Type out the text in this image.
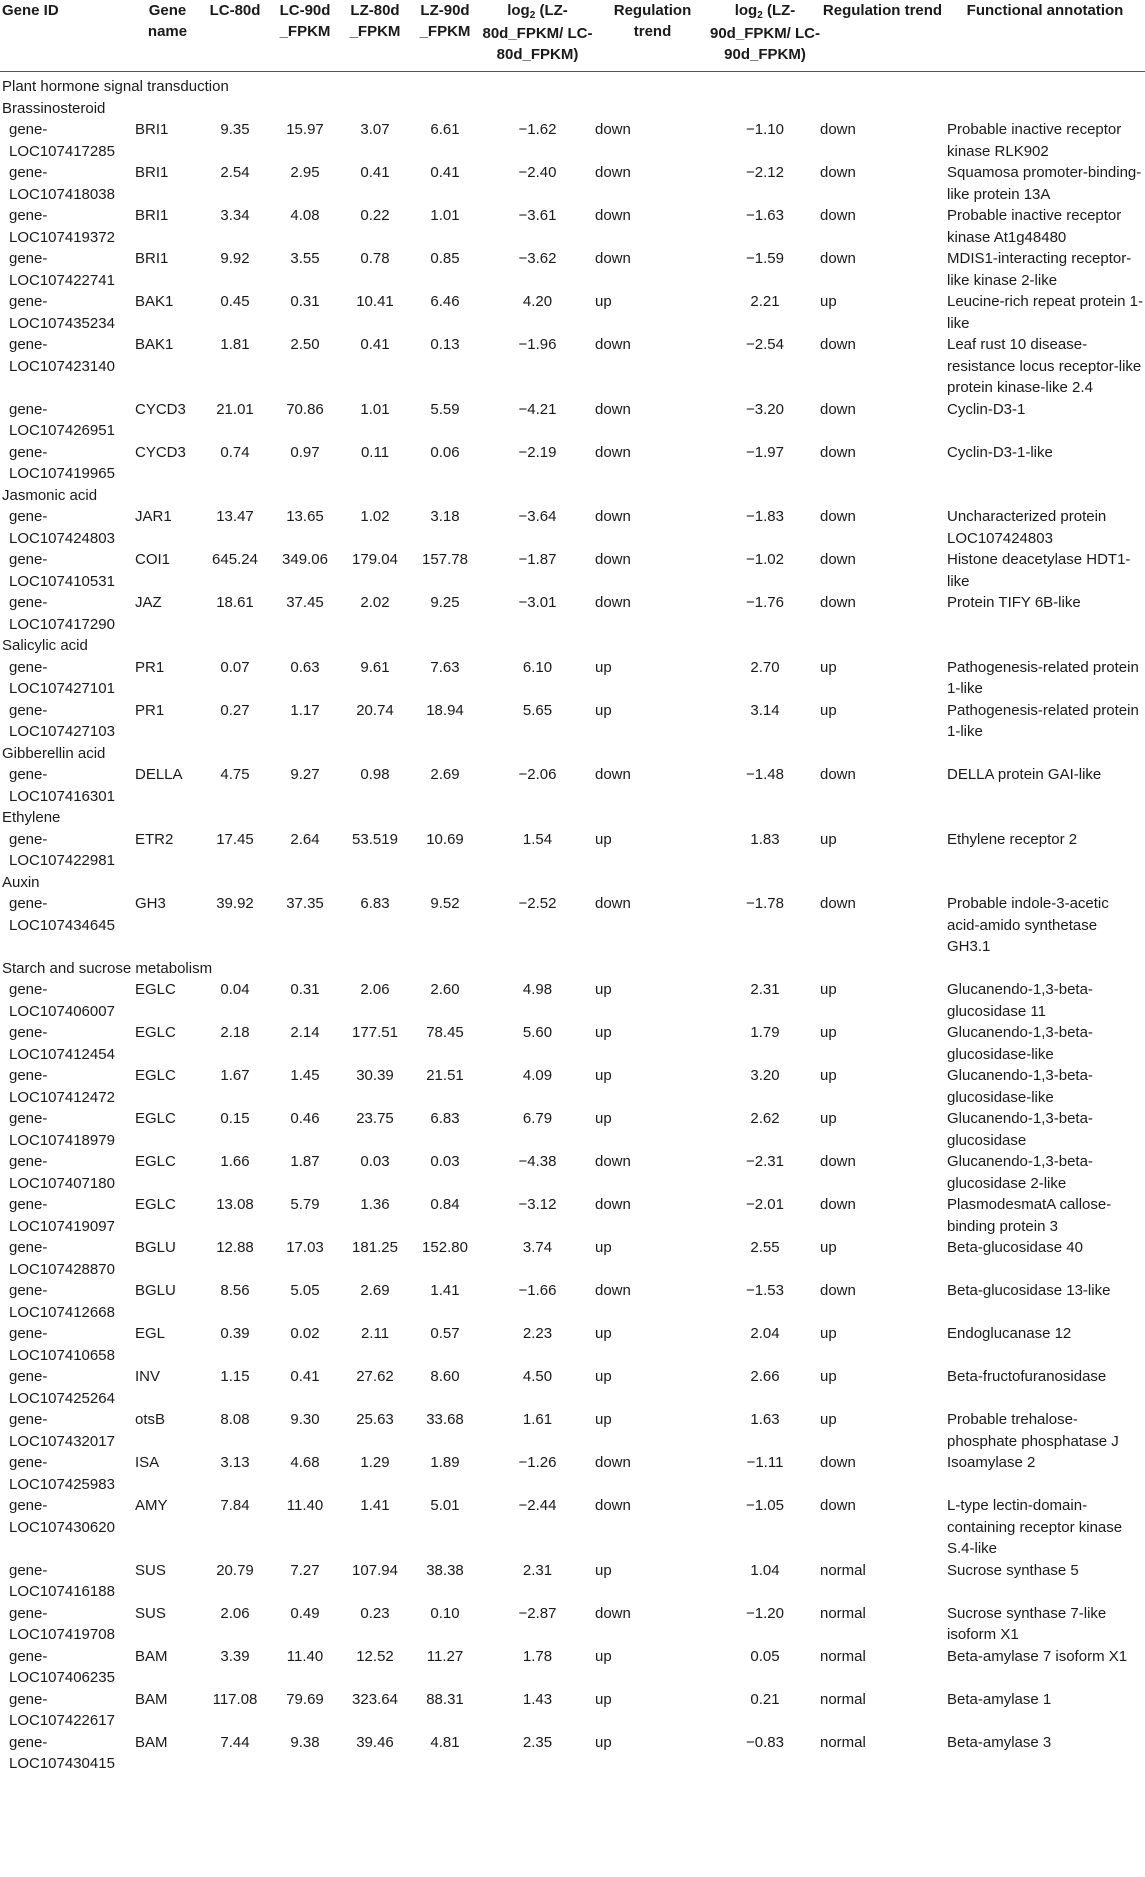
Gene ID	Gene name	LC-80d	LC-90d _FPKM	LZ-80d _FPKM	LZ-90d _FPKM	$\log_2$ (LZ-80d_FPKM/ LC-80d_FPKM)	Regulation trend	$\log_2$ (LZ-90d_FPKM/ LC-90d_FPKM)	Regulation trend	Functional annotation
Plant hormone signal transduction										
Brassinosteroid										
gene-LOC107417285	BRI1	9.35	15.97	3.07	6.61	−1.62	down	−1.10	down	Probable inactive receptor kinase RLK902
gene-LOC107418038	BRI1	2.54	2.95	0.41	0.41	−2.40	down	−2.12	down	Squamosa promoter-binding-like protein 13A
gene-LOC107419372	BRI1	3.34	4.08	0.22	1.01	−3.61	down	−1.63	down	Probable inactive receptor kinase At1g48480
gene-LOC107422741	BRI1	9.92	3.55	0.78	0.85	−3.62	down	−1.59	down	MDIS1-interacting receptor-like kinase 2-like
gene-LOC107435234	BAK1	0.45	0.31	10.41	6.46	4.20	up	2.21	up	Leucine-rich repeat protein 1-like
gene-LOC107423140	BAK1	1.81	2.50	0.41	0.13	−1.96	down	−2.54	down	Leaf rust 10 disease-resistance locus receptor-like protein kinase-like 2.4
gene-LOC107426951	CYCD3	21.01	70.86	1.01	5.59	−4.21	down	−3.20	down	Cyclin-D3-1
gene-LOC107419965	CYCD3	0.74	0.97	0.11	0.06	−2.19	down	−1.97	down	Cyclin-D3-1-like
Jasmonic acid										
gene-LOC107424803	JAR1	13.47	13.65	1.02	3.18	−3.64	down	−1.83	down	Uncharacterized protein LOC107424803
gene-LOC107410531	COI1	645.24	349.06	179.04	157.78	−1.87	down	−1.02	down	Histone deacetylase HDT1-like
gene-LOC107417290	JAZ	18.61	37.45	2.02	9.25	−3.01	down	−1.76	down	Protein TIFY 6B-like
Salicylic acid										
gene-LOC107427101	PR1	0.07	0.63	9.61	7.63	6.10	up	2.70	up	Pathogenesis-related protein 1-like
gene-LOC107427103	PR1	0.27	1.17	20.74	18.94	5.65	up	3.14	up	Pathogenesis-related protein 1-like
Gibberellin acid										
gene-LOC107416301	DELLA	4.75	9.27	0.98	2.69	−2.06	down	−1.48	down	DELLA protein GAI-like
Ethylene										
gene-LOC107422981	ETR2	17.45	2.64	53.519	10.69	1.54	up	1.83	up	Ethylene receptor 2
Auxin										
gene-LOC107434645	GH3	39.92	37.35	6.83	9.52	−2.52	down	−1.78	down	Probable indole-3-acetic acid-amido synthetase GH3.1
Starch and sucrose metabolism										
gene-LOC107406007	EGLC	0.04	0.31	2.06	2.60	4.98	up	2.31	up	Glucanendo-1,3-beta-glucosidase 11
gene-LOC107412454	EGLC	2.18	2.14	177.51	78.45	5.60	up	1.79	up	Glucanendo-1,3-beta-glucosidase-like
gene-LOC107412472	EGLC	1.67	1.45	30.39	21.51	4.09	up	3.20	up	Glucanendo-1,3-beta-glucosidase-like
gene-LOC107418979	EGLC	0.15	0.46	23.75	6.83	6.79	up	2.62	up	Glucanendo-1,3-beta-glucosidase
gene-LOC107407180	EGLC	1.66	1.87	0.03	0.03	−4.38	down	−2.31	down	Glucanendo-1,3-beta-glucosidase 2-like
gene-LOC107419097	EGLC	13.08	5.79	1.36	0.84	−3.12	down	−2.01	down	PlasmodesmatA callose-binding protein 3
gene-LOC107428870	BGLU	12.88	17.03	181.25	152.80	3.74	up	2.55	up	Beta-glucosidase 40
gene-LOC107412668	BGLU	8.56	5.05	2.69	1.41	−1.66	down	−1.53	down	Beta-glucosidase 13-like
gene-LOC107410658	EGL	0.39	0.02	2.11	0.57	2.23	up	2.04	up	Endoglucanase 12
gene-LOC107425264	INV	1.15	0.41	27.62	8.60	4.50	up	2.66	up	Beta-fructofuranosidase
gene-LOC107432017	otsB	8.08	9.30	25.63	33.68	1.61	up	1.63	up	Probable trehalose-phosphate phosphatase J
gene-LOC107425983	ISA	3.13	4.68	1.29	1.89	−1.26	down	−1.11	down	Isoamylase 2
gene-LOC107430620	AMY	7.84	11.40	1.41	5.01	−2.44	down	−1.05	down	L-type lectin-domain-containing receptor kinase S.4-like
gene-LOC107416188	SUS	20.79	7.27	107.94	38.38	2.31	up	1.04	normal	Sucrose synthase 5
gene-LOC107419708	SUS	2.06	0.49	0.23	0.10	−2.87	down	−1.20	normal	Sucrose synthase 7-like isoform X1
gene-LOC107406235	BAM	3.39	11.40	12.52	11.27	1.78	up	0.05	normal	Beta-amylase 7 isoform X1
gene-LOC107422617	BAM	117.08	79.69	323.64	88.31	1.43	up	0.21	normal	Beta-amylase 1
gene-LOC107430415	BAM	7.44	9.38	39.46	4.81	2.35	up	−0.83	normal	Beta-amylase 3
